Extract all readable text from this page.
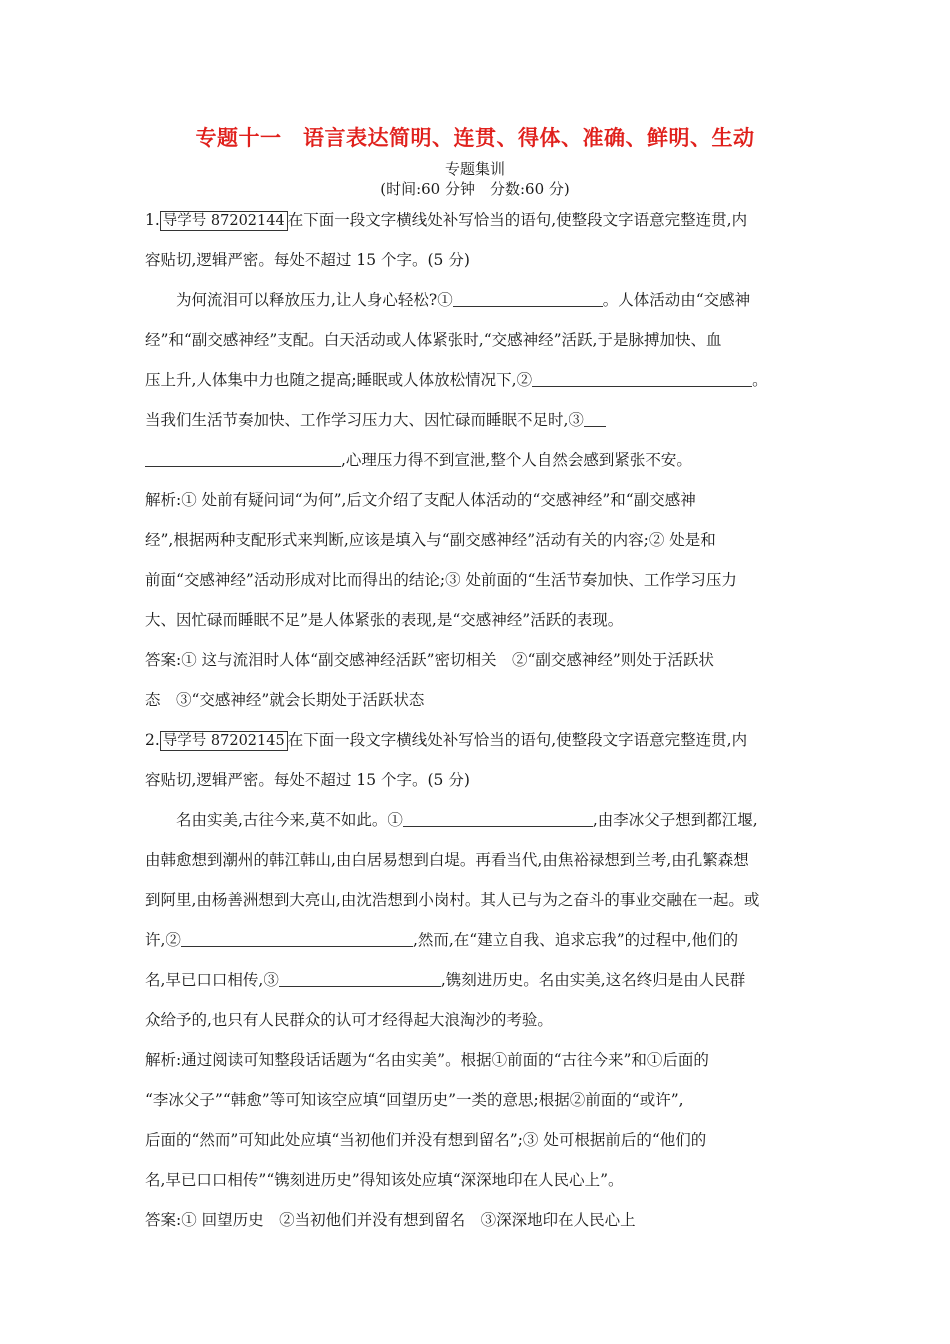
专题十一　语言表达简明、连贯、得体、准确、鲜明、生动
专题集训
(时间:60 分钟　分数:60 分)

1. 导学号 87202144 在下面一段文字横线处补写恰当的语句,使整段文字语意完整连贯,内

容贴切,逻辑严密。每处不超过 15 个字。(5 分)

为何流泪可以释放压力,让人身心轻松?①	。人体活动由“交感神

经”和“副交感神经”支配。白天活动或人体紧张时,“交感神经”活跃,于是脉搏加快、血

压上升,人体集中力也随之提高;睡眠或人体放松情况下,②	。

当我们生活节奏加快、工作学习压力大、因忙碌而睡眠不足时,③

,心理压力得不到宣泄,整个人自然会感到紧张不安。

解析:① 处前有疑问词“为何”,后文介绍了支配人体活动的“交感神经”和“副交感神

经”,根据两种支配形式来判断,应该是填入与“副交感神经”活动有关的内容;② 处是和

前面“交感神经”活动形成对比而得出的结论;③ 处前面的“生活节奏加快、工作学习压力

大、因忙碌而睡眠不足”是人体紧张的表现,是“交感神经”活跃的表现。

答案:① 这与流泪时人体“副交感神经活跃”密切相关　②“副交感神经”则处于活跃状

态　③“交感神经”就会长期处于活跃状态

2. 导学号 87202145 在下面一段文字横线处补写恰当的语句,使整段文字语意完整连贯,内

容贴切,逻辑严密。每处不超过 15 个字。(5 分)

名由实美,古往今来,莫不如此。①	,由李冰父子想到都江堰,

由韩愈想到潮州的韩江韩山,由白居易想到白堤。再看当代,由焦裕禄想到兰考,由孔繁森想

到阿里,由杨善洲想到大亮山,由沈浩想到小岗村。其人已与为之奋斗的事业交融在一起。或

许,②	,然而,在“建立自我、追求忘我”的过程中,他们的

名,早已口口相传,③	,镌刻进历史。名由实美,这名终归是由人民群

众给予的,也只有人民群众的认可才经得起大浪淘沙的考验。

解析:通过阅读可知整段话话题为“名由实美”。根据①前面的“古往今来”和①后面的

“李冰父子”“韩愈”等可知该空应填“回望历史”一类的意思;根据②前面的“或许”,

后面的“然而”可知此处应填“当初他们并没有想到留名”;③ 处可根据前后的“他们的

名,早已口口相传”“镌刻进历史”得知该处应填“深深地印在人民心上”。

答案:① 回望历史　②当初他们并没有想到留名　③深深地印在人民心上
